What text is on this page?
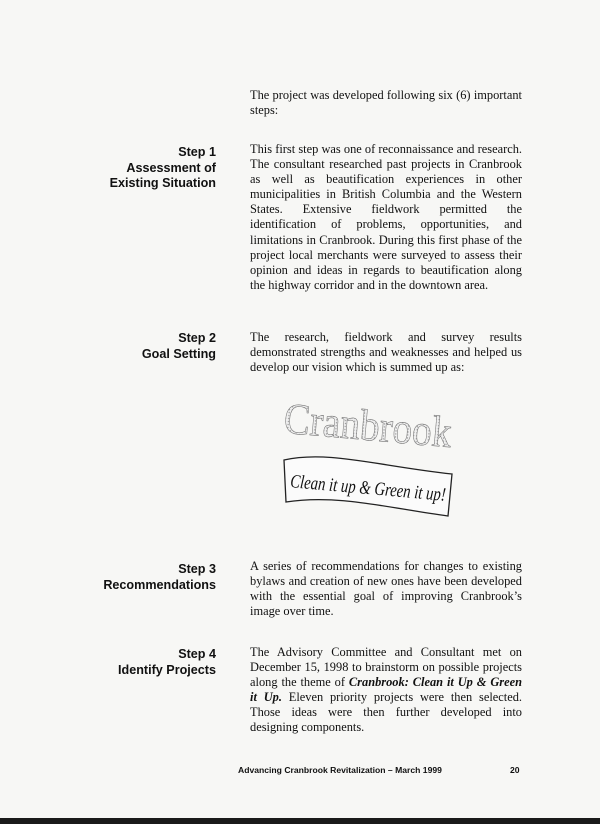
The project was developed following six (6) important steps:

Step 1
Assessment of
Existing Situation

This first step was one of reconnaissance and research. The consultant researched past projects in Cranbrook as well as beautification experiences in other municipalities in British Columbia and the Western States. Extensive fieldwork permitted the identification of problems, opportunities, and limitations in Cranbrook. During this first phase of the project local merchants were surveyed to assess their opinion and ideas in regards to beautification along the highway corridor and in the downtown area.

Step 2
Goal Setting

The research, fieldwork and survey results demonstrated strengths and weaknesses and helped us develop our vision which is summed up as:

Cranbrook
Clean it up & Green it up!
Step 3
Recommendations

A series of recommendations for changes to existing bylaws and creation of new ones have been developed with the essential goal of improving Cranbrook’s image over time.

Step 4
Identify Projects

The Advisory Committee and Consultant met on December 15, 1998 to brainstorm on possible projects along the theme of Cranbrook: Clean it Up & Green it Up. Eleven priority projects were then selected. Those ideas were then further developed into designing components.

Advancing Cranbrook Revitalization – March 1999	20
